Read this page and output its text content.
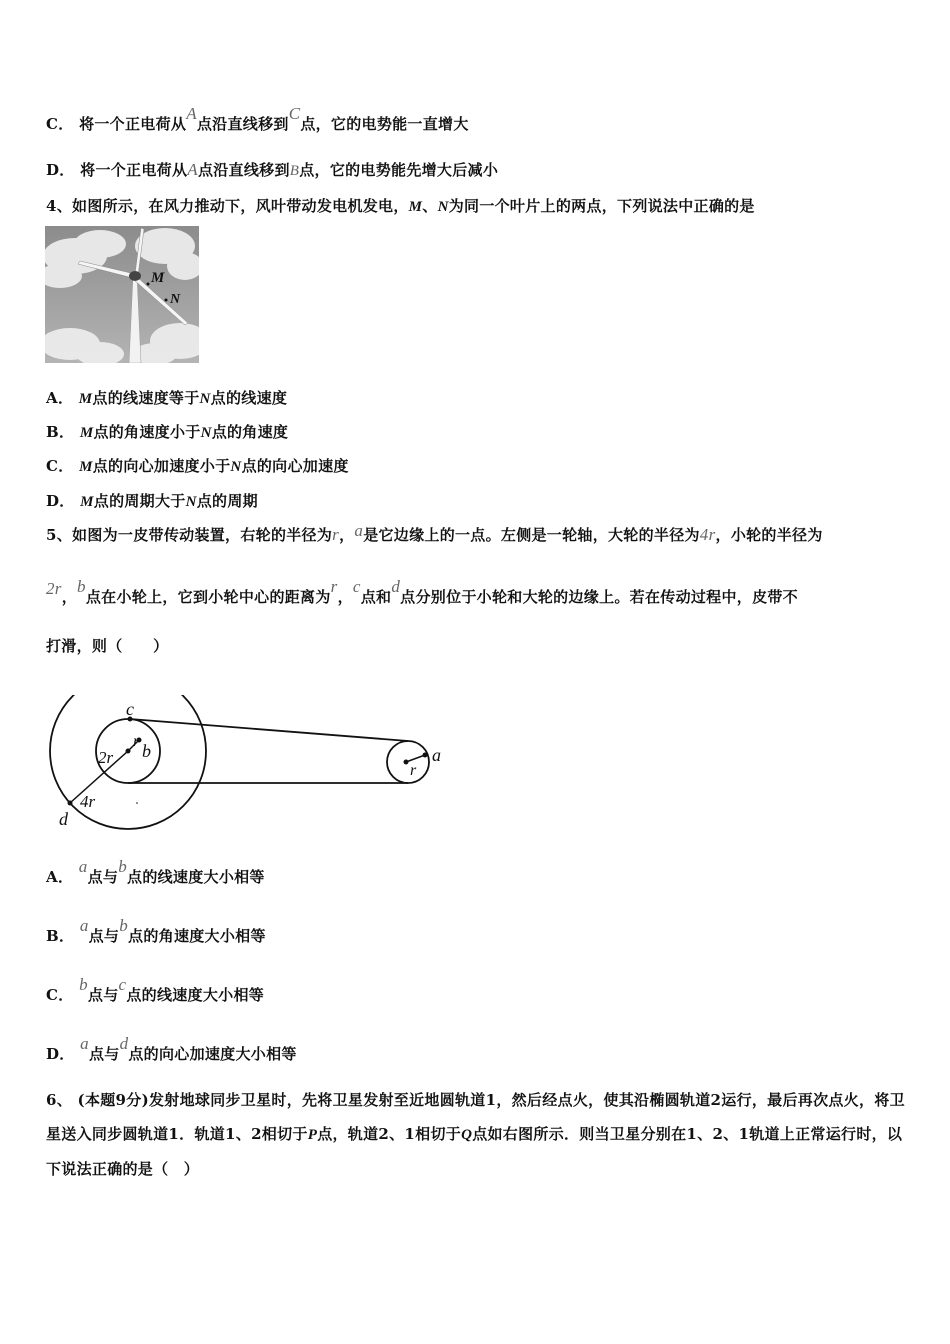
C． 将一个正电荷从A点沿直线移到C点，它的电势能一直增大
D． 将一个正电荷从A点沿直线移到B点，它的电势能先增大后减小
4、如图所示，在风力推动下，风叶带动发电机发电，M、N为同一个叶片上的两点，下列说法中正确的是
M
N
A． M点的线速度等于N点的线速度
B． M点的角速度小于N点的角速度
C． M点的向心加速度小于N点的向心加速度
D． M点的周期大于N点的周期
5、如图为一皮带传动装置，右轮的半径为r，a是它边缘上的一点。左侧是一轮轴，大轮的半径为4r，小轮的半径为
2r，b点在小轮上，它到小轮中心的距离为r，c点和d点分别位于小轮和大轮的边缘上。若在传动过程中，皮带不
打滑，则（　　）
c
r b
2r
4r
d
a
r
A． a点与b点的线速度大小相等
B． a点与b点的角速度大小相等
C． b点与c点的线速度大小相等
D． a点与d点的向心加速度大小相等
6、 (本题9分)发射地球同步卫星时，先将卫星发射至近地圆轨道1，然后经点火，使其沿椭圆轨道2运行，最后再次点火，将卫星送入同步圆轨道1．轨道1、2相切于P点，轨道2、1相切于Q点如右图所示．则当卫星分别在1、2、1轨道上正常运行时，以下说法正确的是（　）
